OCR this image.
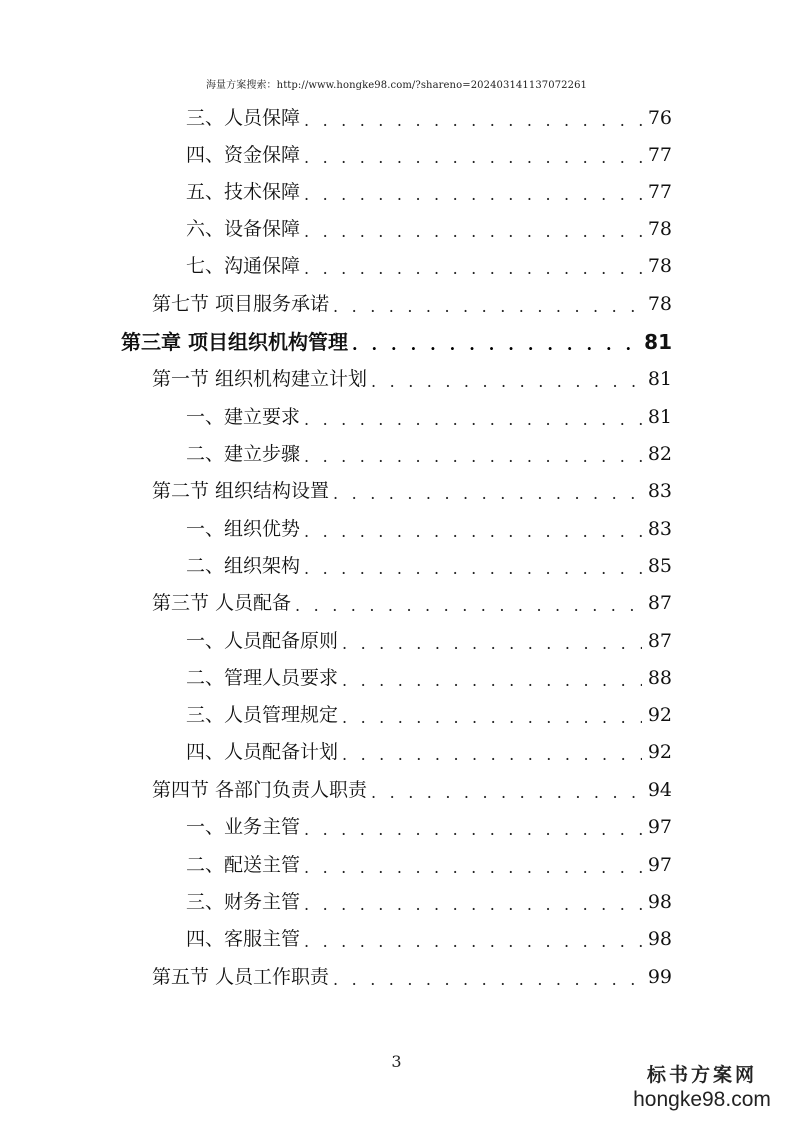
海量方案搜索：http://www.hongke98.com/?shareno=202403141137072261
三、人员保障 . . .	76
四、资金保障 . . .	77
五、技术保障 . . .	77
六、设备保障 . . .	78
七、沟通保障 . . .	78
第七节 项目服务承诺 . . .	78
第三章 项目组织机构管理 . . .	81
第一节 组织机构建立计划 . . .	81
一、建立要求 . . .	81
二、建立步骤 . . .	82
第二节 组织结构设置 . . .	83
一、组织优势 . . .	83
二、组织架构 . . .	85
第三节 人员配备 . . .	87
一、人员配备原则 . . .	87
二、管理人员要求 . . .	88
三、人员管理规定 . . .	92
四、人员配备计划 . . .	92
第四节 各部门负责人职责 . . .	94
一、业务主管 . . .	97
二、配送主管 . . .	97
三、财务主管 . . .	98
四、客服主管 . . .	98
第五节 人员工作职责 . . .	99
3
标书方案网
hongke98.com
